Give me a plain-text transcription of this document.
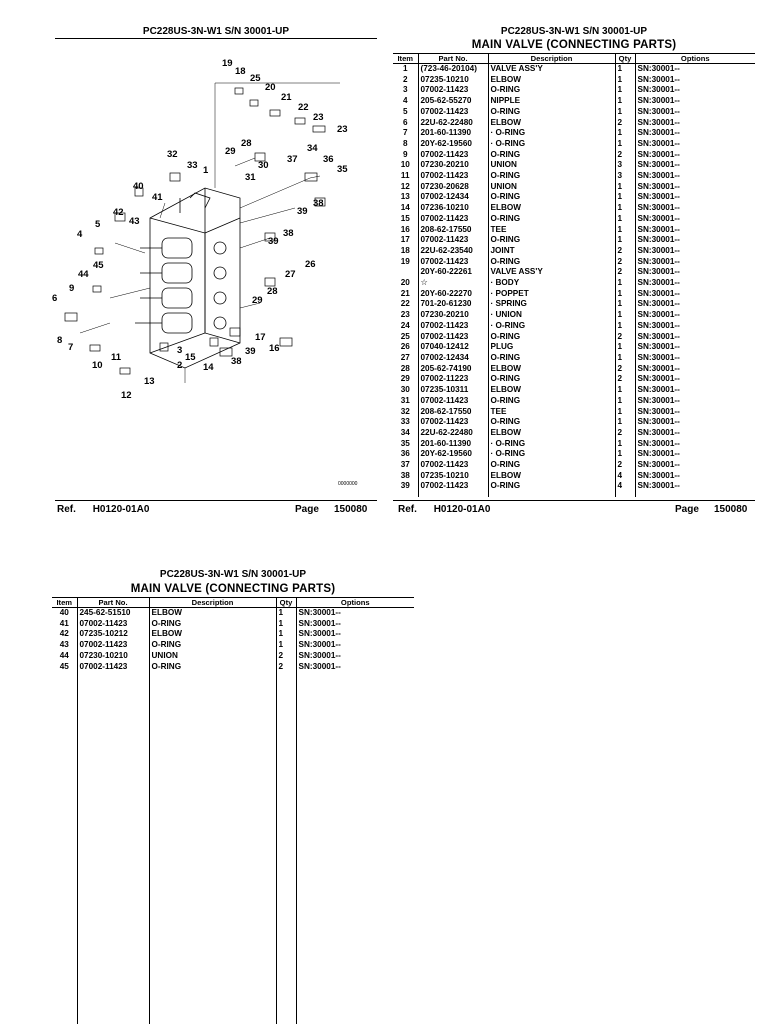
PC228US-3N-W1 S/N 30001-UP
19
18
25
20
21
22
23
23
28
29
30
31
32
33 1
34
37	36
35
38
39
40
41
42
43
5
4
45
44
9
6
38
39
26
27
28
29
8
7
11
10
3
15
2 14
38
39 16
17
13
12
0000000
Ref. H0120-01A0	Page 150080
PC228US-3N-W1 S/N 30001-UP
MAIN VALVE (CONNECTING PARTS)
Item	Part No.	Description	Qty	Options
1	(723-46-20104)	VALVE ASS'Y	1	SN:30001--
2	07235-10210	ELBOW	1	SN:30001--
3	07002-11423	O-RING	1	SN:30001--
4	205-62-55270	NIPPLE	1	SN:30001--
5	07002-11423	O-RING	1	SN:30001--
6	22U-62-22480	ELBOW	2	SN:30001--
7	201-60-11390	· O-RING	1	SN:30001--
8	20Y-62-19560	· O-RING	1	SN:30001--
9	07002-11423	O-RING	2	SN:30001--
10	07230-20210	UNION	3	SN:30001--
11	07002-11423	O-RING	3	SN:30001--
12	07230-20628	UNION	1	SN:30001--
13	07002-12434	O-RING	1	SN:30001--
14	07236-10210	ELBOW	1	SN:30001--
15	07002-11423	O-RING	1	SN:30001--
16	208-62-17550	TEE	1	SN:30001--
17	07002-11423	O-RING	1	SN:30001--
18	22U-62-23540	JOINT	2	SN:30001--
19	07002-11423	O-RING	2	SN:30001--
	20Y-60-22261	VALVE ASS'Y	2	SN:30001--
20	☆	· BODY	1	SN:30001--
21	20Y-60-22270	· POPPET	1	SN:30001--
22	701-20-61230	· SPRING	1	SN:30001--
23	07230-20210	· UNION	1	SN:30001--
24	07002-11423	· O-RING	1	SN:30001--
25	07002-11423	O-RING	2	SN:30001--
26	07040-12412	PLUG	1	SN:30001--
27	07002-12434	O-RING	1	SN:30001--
28	205-62-74190	ELBOW	2	SN:30001--
29	07002-11223	O-RING	2	SN:30001--
30	07235-10311	ELBOW	1	SN:30001--
31	07002-11423	O-RING	1	SN:30001--
32	208-62-17550	TEE	1	SN:30001--
33	07002-11423	O-RING	1	SN:30001--
34	22U-62-22480	ELBOW	2	SN:30001--
35	201-60-11390	· O-RING	1	SN:30001--
36	20Y-62-19560	· O-RING	1	SN:30001--
37	07002-11423	O-RING	2	SN:30001--
38	07235-10210	ELBOW	4	SN:30001--
39	07002-11423	O-RING	4	SN:30001--

Ref. H0120-01A0	Page 150080
PC228US-3N-W1 S/N 30001-UP
MAIN VALVE (CONNECTING PARTS)
Item	Part No.	Description	Qty	Options
40	245-62-51510	ELBOW	1	SN:30001--
41	07002-11423	O-RING	1	SN:30001--
42	07235-10212	ELBOW	1	SN:30001--
43	07002-11423	O-RING	1	SN:30001--
44	07230-10210	UNION	2	SN:30001--
45	07002-11423	O-RING	2	SN:30001--
